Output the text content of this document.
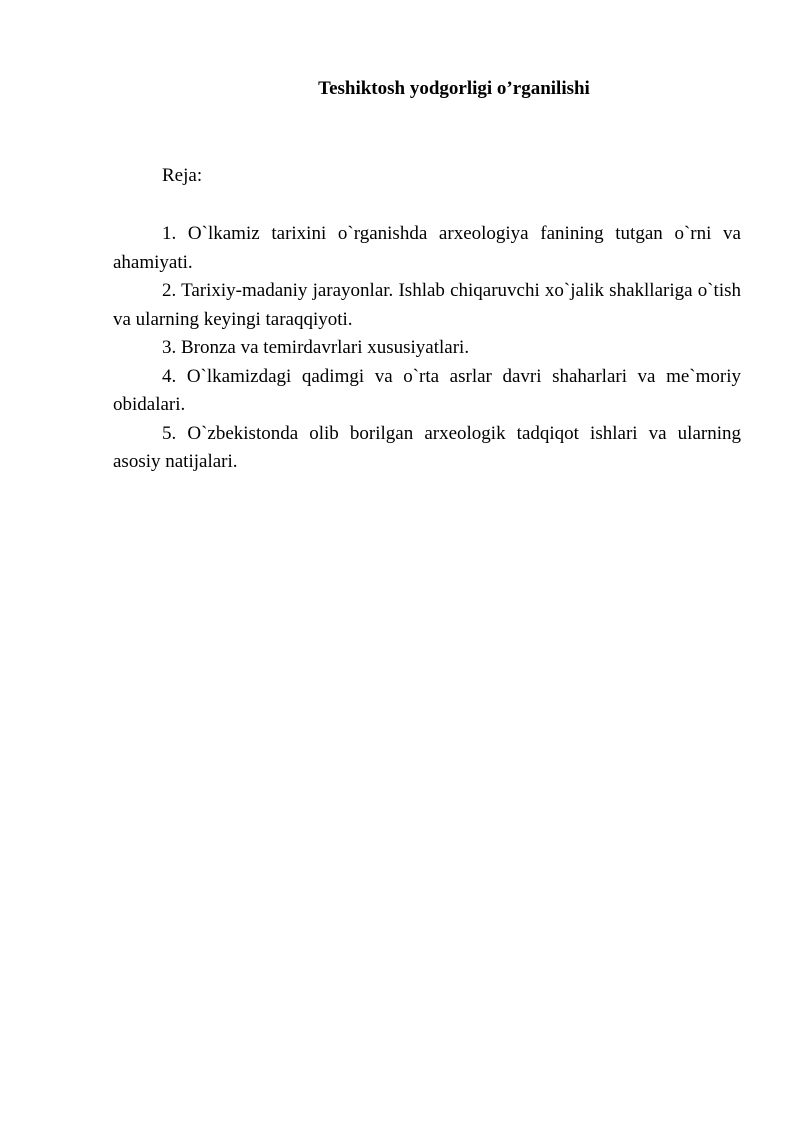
Teshiktosh yodgorligi o’rganilishi
Reja:

1. O`lkamiz tarixini o`rganishda arxeologiya fanining tutgan o`rni va ahamiyati.

2. Tarixiy-madaniy jarayonlar. Ishlab chiqaruvchi xo`jalik shakllariga o`tish va ularning keyingi taraqqiyoti.

3. Bronza va temirdavrlari xususiyatlari.

4. O`lkamizdagi qadimgi va o`rta asrlar davri shaharlari va me`moriy obidalari.

5. O`zbekistonda olib borilgan arxeologik tadqiqot ishlari va ularning asosiy natijalari.
